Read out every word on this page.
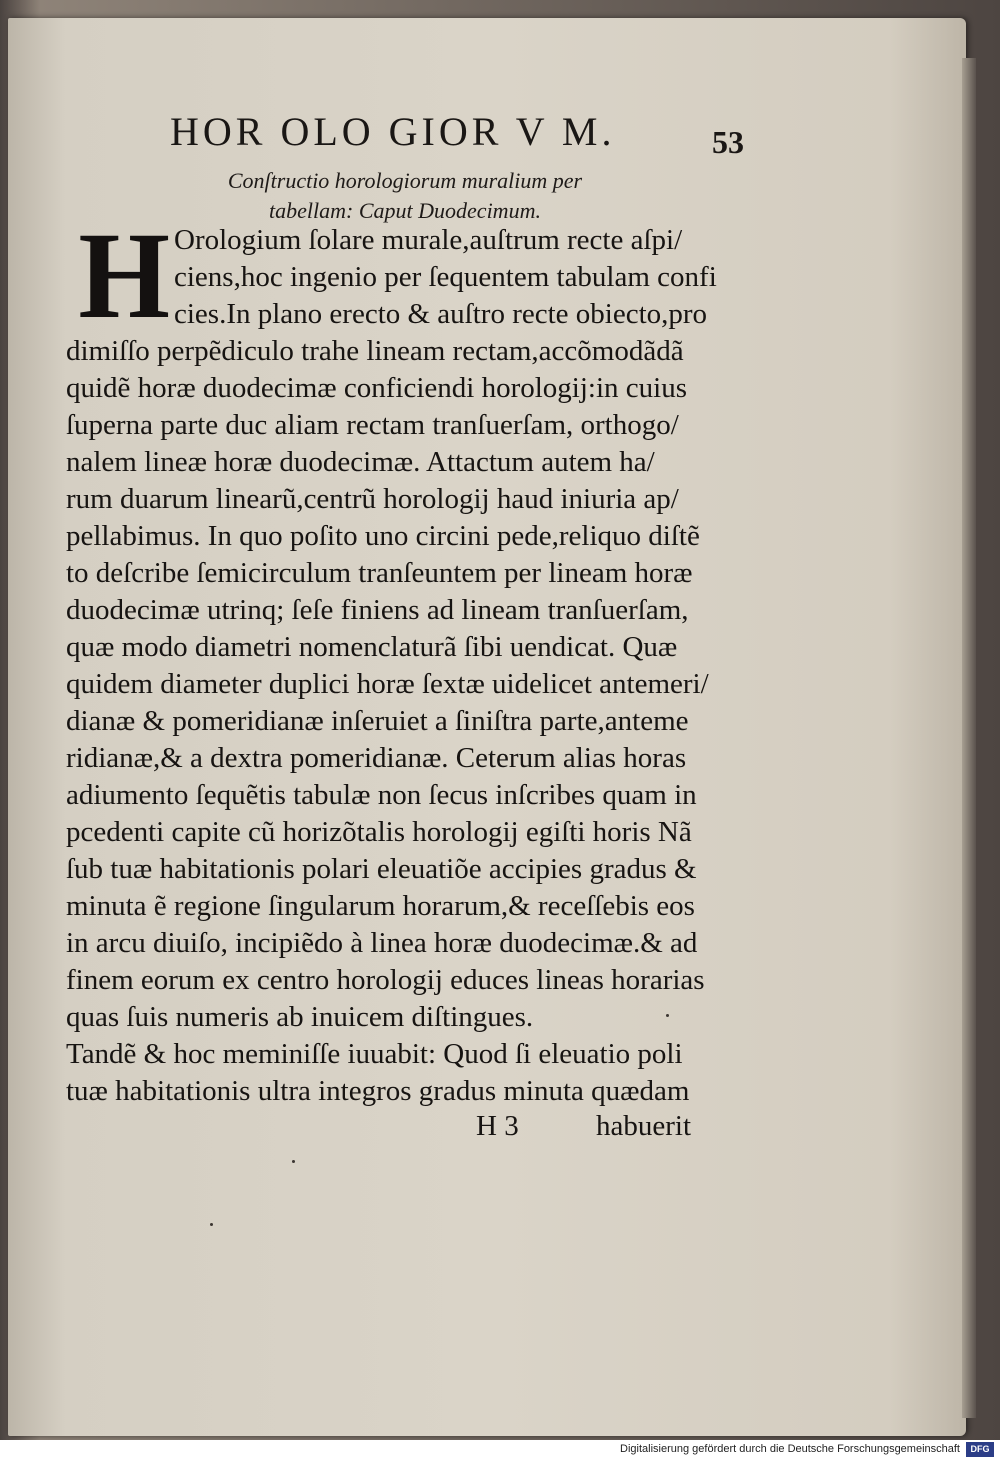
HOR OLO GIOR V M.	53
Conſtructio horologiorum muralium per
tabellam: Caput Duodecimum.
H Orologium ſolare murale,auſtrum recte aſpi/
ciens,hoc ingenio per ſequentem tabulam confi
cies.In plano erecto & auſtro recte obiecto,pro
dimiſſo perpẽdiculo trahe lineam rectam,accõmodãdã
quidẽ horæ duodecimæ conficiendi horologij:in cuius
ſuperna parte duc aliam rectam tranſuerſam, orthogo/
nalem lineæ horæ duodecimæ. Attactum autem ha/
rum duarum linearũ,centrũ horologij haud iniuria ap/
pellabimus. In quo poſito uno circini pede,reliquo diſtẽ
to deſcribe ſemicirculum tranſeuntem per lineam horæ
duodecimæ utrinq; ſeſe finiens ad lineam tranſuerſam,
quæ modo diametri nomenclaturã ſibi uendicat. Quæ
quidem diameter duplici horæ ſextæ uidelicet antemeri/
dianæ & pomeridianæ inſeruiet a ſiniſtra parte,anteme
ridianæ,& a dextra pomeridianæ. Ceterum alias horas
adiumento ſequẽtis tabulæ non ſecus inſcribes quam in
pcedenti capite cũ horizõtalis horologij egiſti horis Nã
ſub tuæ habitationis polari eleuatiõe accipies gradus &
minuta ẽ regione ſingularum horarum,& receſſebis eos
in arcu diuiſo, incipiẽdo à linea horæ duodecimæ.& ad
finem eorum ex centro horologij educes lineas horarias
quas ſuis numeris ab inuicem diſtingues.
Tandẽ & hoc meminiſſe iuuabit: Quod ſi eleuatio poli
tuæ habitationis ultra integros gradus minuta quædam
H 3	habuerit
Digitalisierung gefördert durch die Deutsche Forschungsgemeinschaft	DFG
